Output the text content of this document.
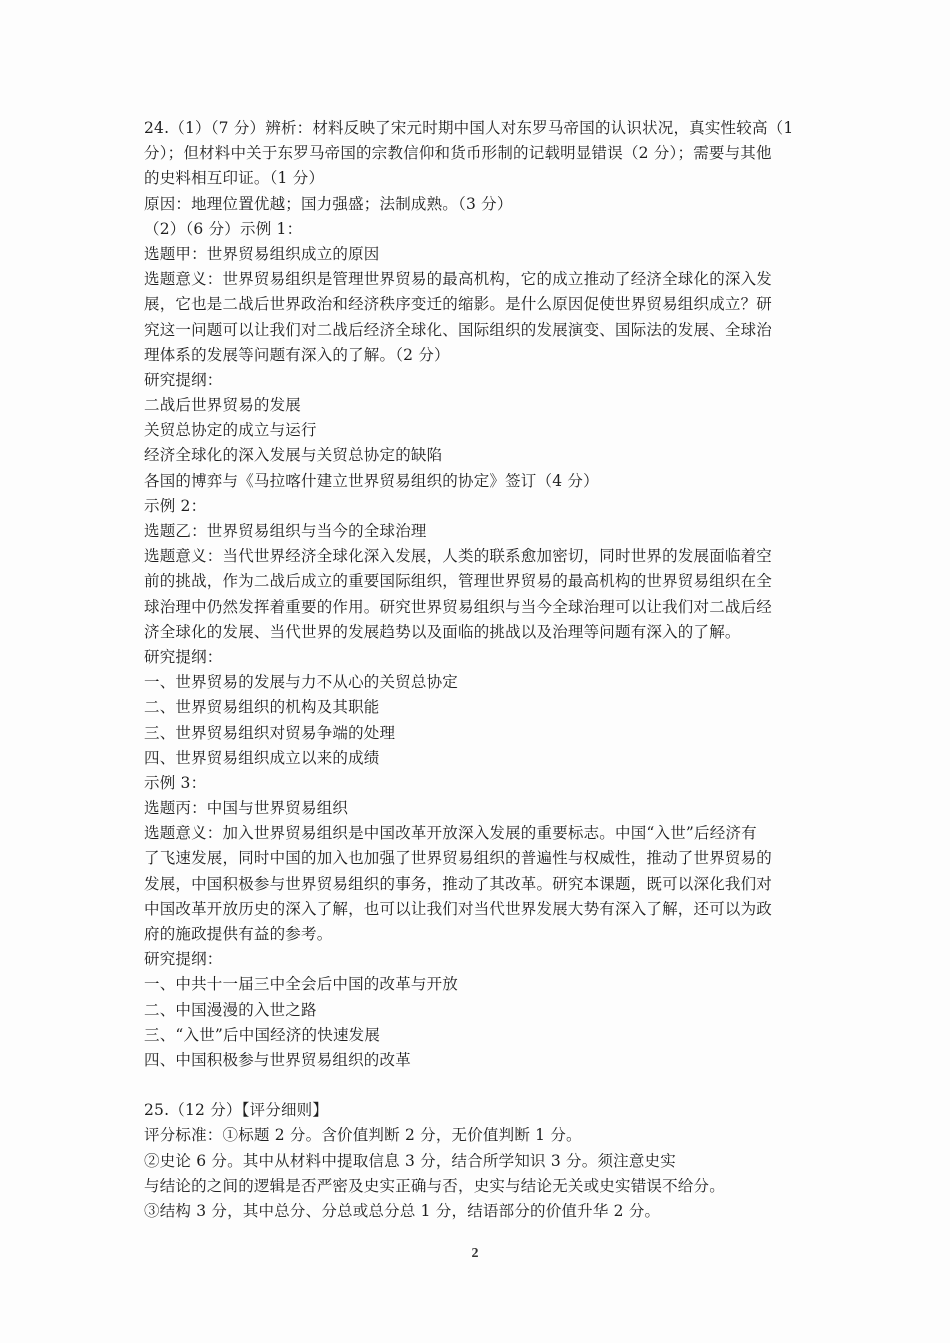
24.（1）（7 分）辨析：材料反映了宋元时期中国人对东罗马帝国的认识状况，真实性较高（1
分）；但材料中关于东罗马帝国的宗教信仰和货币形制的记载明显错误（2 分）；需要与其他
的史料相互印证。（1 分）
原因：地理位置优越；国力强盛；法制成熟。（3 分）
（2）（6 分）示例 1：
选题甲：世界贸易组织成立的原因
选题意义：世界贸易组织是管理世界贸易的最高机构，它的成立推动了经济全球化的深入发
展，它也是二战后世界政治和经济秩序变迁的缩影。是什么原因促使世界贸易组织成立？研
究这一问题可以让我们对二战后经济全球化、国际组织的发展演变、国际法的发展、全球治
理体系的发展等问题有深入的了解。（2 分）
研究提纲：
二战后世界贸易的发展
关贸总协定的成立与运行
经济全球化的深入发展与关贸总协定的缺陷
各国的博弈与《马拉喀什建立世界贸易组织的协定》签订（4 分）
示例 2：
选题乙：世界贸易组织与当今的全球治理
选题意义：当代世界经济全球化深入发展，人类的联系愈加密切，同时世界的发展面临着空
前的挑战，作为二战后成立的重要国际组织，管理世界贸易的最高机构的世界贸易组织在全
球治理中仍然发挥着重要的作用。研究世界贸易组织与当今全球治理可以让我们对二战后经
济全球化的发展、当代世界的发展趋势以及面临的挑战以及治理等问题有深入的了解。
研究提纲：
一、世界贸易的发展与力不从心的关贸总协定
二、世界贸易组织的机构及其职能
三、世界贸易组织对贸易争端的处理
四、世界贸易组织成立以来的成绩
示例 3：
选题丙：中国与世界贸易组织
选题意义：加入世界贸易组织是中国改革开放深入发展的重要标志。中国“入世”后经济有
了飞速发展，同时中国的加入也加强了世界贸易组织的普遍性与权威性，推动了世界贸易的
发展，中国积极参与世界贸易组织的事务，推动了其改革。研究本课题，既可以深化我们对
中国改革开放历史的深入了解，也可以让我们对当代世界发展大势有深入了解，还可以为政
府的施政提供有益的参考。
研究提纲：
一、中共十一届三中全会后中国的改革与开放
二、中国漫漫的入世之路
三、“入世”后中国经济的快速发展
四、中国积极参与世界贸易组织的改革
25.（12 分）【评分细则】
评分标准：①标题 2 分。含价值判断 2 分，无价值判断 1 分。
②史论 6 分。其中从材料中提取信息 3 分，结合所学知识 3 分。须注意史实
与结论的之间的逻辑是否严密及史实正确与否，史实与结论无关或史实错误不给分。
③结构 3 分，其中总分、分总或总分总 1 分，结语部分的价值升华 2 分。
2
